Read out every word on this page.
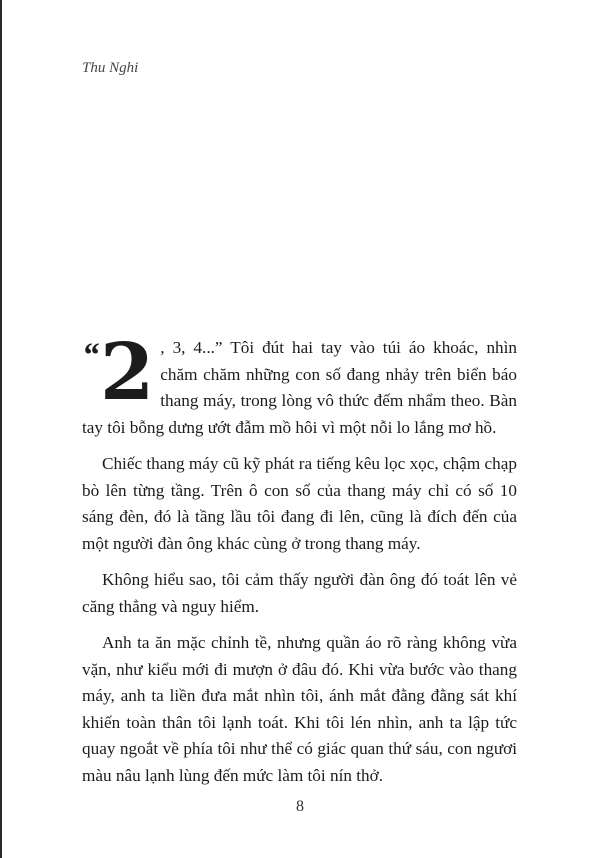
Thu Nghi

“ 2 , 3, 4...” Tôi đút hai tay vào túi áo khoác, nhìn chăm chăm những con số đang nhảy trên biển báo thang máy, trong lòng vô thức đếm nhẩm theo. Bàn tay tôi bỗng dưng ướt đẫm mồ hôi vì một nỗi lo lắng mơ hồ.

Chiếc thang máy cũ kỹ phát ra tiếng kêu lọc xọc, chậm chạp bò lên từng tầng. Trên ô con số của thang máy chỉ có số 10 sáng đèn, đó là tầng lầu tôi đang đi lên, cũng là đích đến của một người đàn ông khác cùng ở trong thang máy.

Không hiểu sao, tôi cảm thấy người đàn ông đó toát lên vẻ căng thẳng và nguy hiểm.

Anh ta ăn mặc chỉnh tề, nhưng quần áo rõ ràng không vừa vặn, như kiểu mới đi mượn ở đâu đó. Khi vừa bước vào thang máy, anh ta liền đưa mắt nhìn tôi, ánh mắt đằng đằng sát khí khiến toàn thân tôi lạnh toát. Khi tôi lén nhìn, anh ta lập tức quay ngoắt về phía tôi như thể có giác quan thứ sáu, con ngươi màu nâu lạnh lùng đến mức làm tôi nín thở.

8
